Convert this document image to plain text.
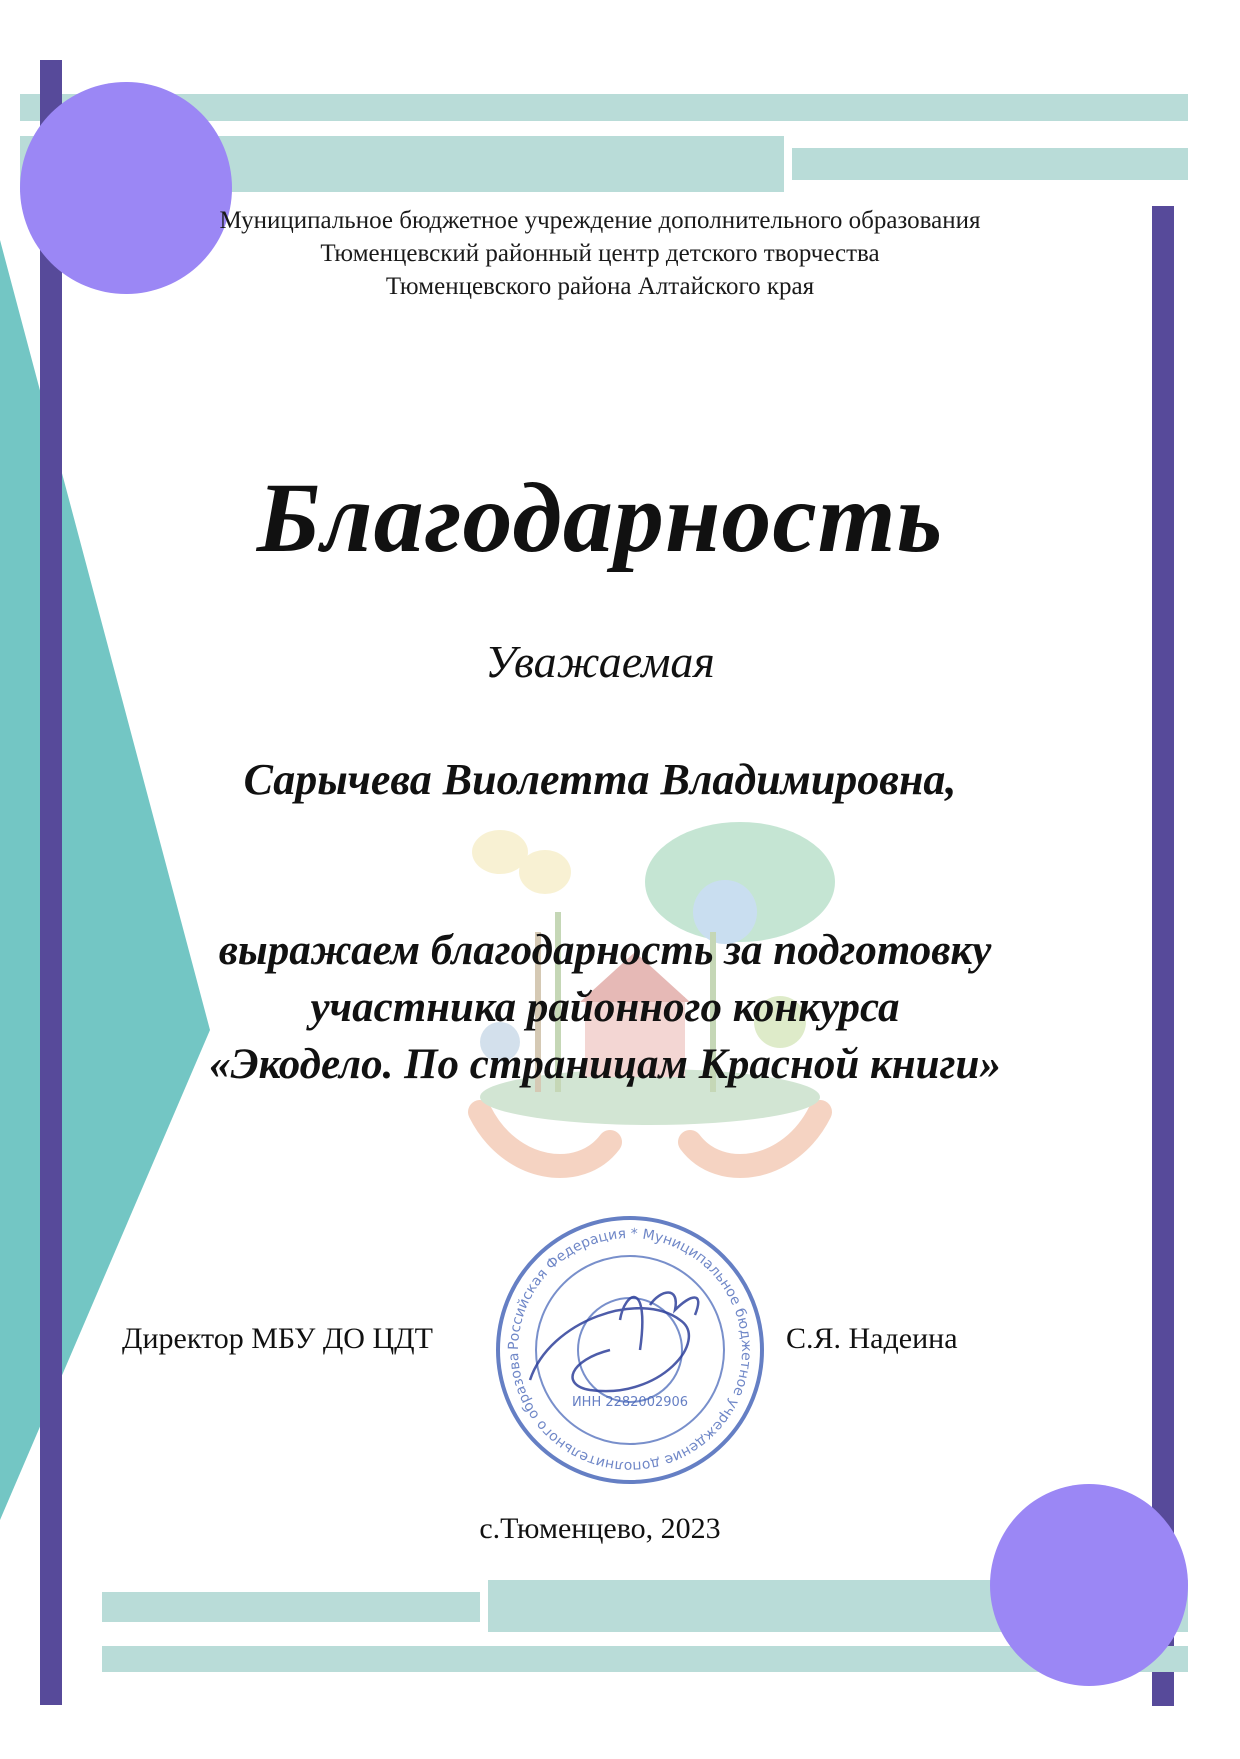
Муниципальное бюджетное учреждение дополнительного образования
Тюменцевский районный центр детского творчества
Тюменцевского района Алтайского края
Благодарность
Уважаемая
Сарычева Виолетта Владимировна,
выражаем благодарность за подготовку
участника районного конкурса
«Экодело. По страницам Красной книги»
Российская Федерация * Муниципальное бюджетное учреждение дополнительного образова
ИНН 2282002906
Директор МБУ ДО ЦДТ	С.Я. Надеина
с.Тюменцево, 2023
